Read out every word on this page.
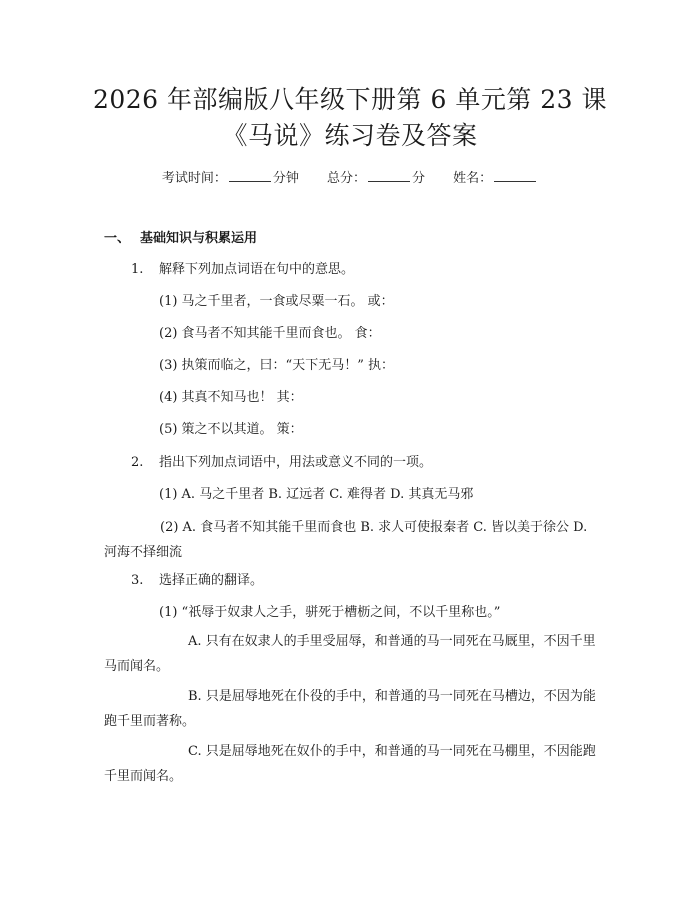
2026 年部编版八年级下册第 6 单元第 23 课
《马说》练习卷及答案
考试时间：	分钟 总分：	分 姓名：
一、 基础知识与积累运用
1. 解释下列加点词语在句中的意思。
(1) 马之千里者，一食或尽粟一石。 或：
(2) 食马者不知其能千里而食也。 食：
(3) 执策而临之，曰：“天下无马！” 执：
(4) 其真不知马也！ 其：
(5) 策之不以其道。 策：
2. 指出下列加点词语中，用法或意义不同的一项。
(1) A. 马之千里者 B. 辽远者 C. 难得者 D. 其真无马邪
(2) A. 食马者不知其能千里而食也 B. 求人可使报秦者 C. 皆以美于徐公 D. 河海不择细流
3. 选择正确的翻译。
(1) “祇辱于奴隶人之手，骈死于槽枥之间，不以千里称也。”
A. 只有在奴隶人的手里受屈辱，和普通的马一同死在马厩里，不因千里马而闻名。
B. 只是屈辱地死在仆役的手中，和普通的马一同死在马槽边，不因为能跑千里而著称。
C. 只是屈辱地死在奴仆的手中，和普通的马一同死在马棚里，不因能跑千里而闻名。
